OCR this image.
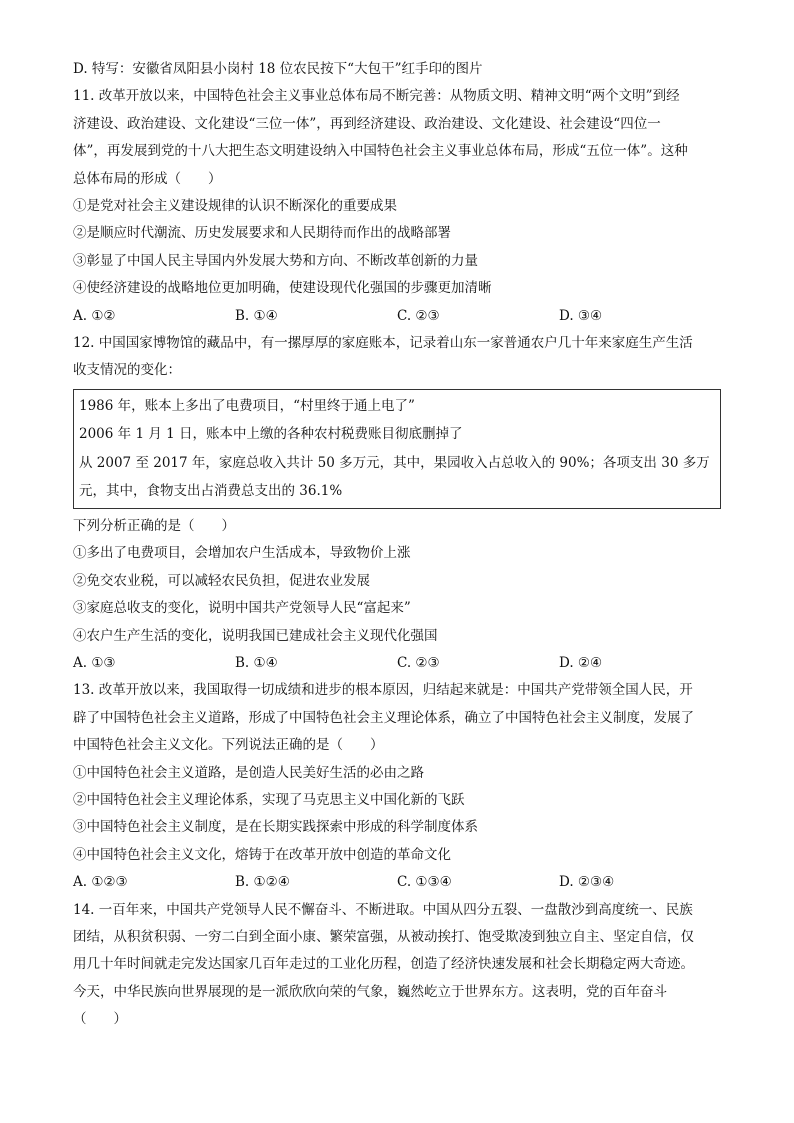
D. 特写：安徽省凤阳县小岗村 18 位农民按下“大包干”红手印的图片
11. 改革开放以来，中国特色社会主义事业总体布局不断完善：从物质文明、精神文明“两个文明”到经
济建设、政治建设、文化建设“三位一体”，再到经济建设、政治建设、文化建设、社会建设“四位一
体”，再发展到党的十八大把生态文明建设纳入中国特色社会主义事业总体布局，形成“五位一体”。这种
总体布局的形成（　　）
①是党对社会主义建设规律的认识不断深化的重要成果
②是顺应时代潮流、历史发展要求和人民期待而作出的战略部署
③彰显了中国人民主导国内外发展大势和方向、不断改革创新的力量
④使经济建设的战略地位更加明确，使建设现代化强国的步骤更加清晰
A. ①②	B. ①④	C. ②③	D. ③④
12. 中国国家博物馆的藏品中，有一摞厚厚的家庭账本，记录着山东一家普通农户几十年来家庭生产生活
收支情况的变化：
1986 年，账本上多出了电费项目，“村里终于通上电了”
2006 年 1 月 1 日，账本中上缴的各种农村税费账目彻底删掉了
从 2007 至 2017 年，家庭总收入共计 50 多万元，其中，果园收入占总收入的 90%；各项支出 30 多万
元，其中，食物支出占消费总支出的 36.1%
下列分析正确的是（　　）
①多出了电费项目，会增加农户生活成本，导致物价上涨
②免交农业税，可以减轻农民负担，促进农业发展
③家庭总收支的变化，说明中国共产党领导人民“富起来”
④农户生产生活的变化，说明我国已建成社会主义现代化强国
A. ①③	B. ①④	C. ②③	D. ②④
13. 改革开放以来，我国取得一切成绩和进步的根本原因，归结起来就是：中国共产党带领全国人民，开
辟了中国特色社会主义道路，形成了中国特色社会主义理论体系，确立了中国特色社会主义制度，发展了
中国特色社会主义文化。下列说法正确的是（　　）
①中国特色社会主义道路，是创造人民美好生活的必由之路
②中国特色社会主义理论体系，实现了马克思主义中国化新的飞跃
③中国特色社会主义制度，是在长期实践探索中形成的科学制度体系
④中国特色社会主义文化，熔铸于在改革开放中创造的革命文化
A. ①②③	B. ①②④	C. ①③④	D. ②③④
14. 一百年来，中国共产党领导人民不懈奋斗、不断进取。中国从四分五裂、一盘散沙到高度统一、民族
团结，从积贫积弱、一穷二白到全面小康、繁荣富强，从被动挨打、饱受欺凌到独立自主、坚定自信，仅
用几十年时间就走完发达国家几百年走过的工业化历程，创造了经济快速发展和社会长期稳定两大奇迹。
今天，中华民族向世界展现的是一派欣欣向荣的气象，巍然屹立于世界东方。这表明，党的百年奋斗
（　　）
